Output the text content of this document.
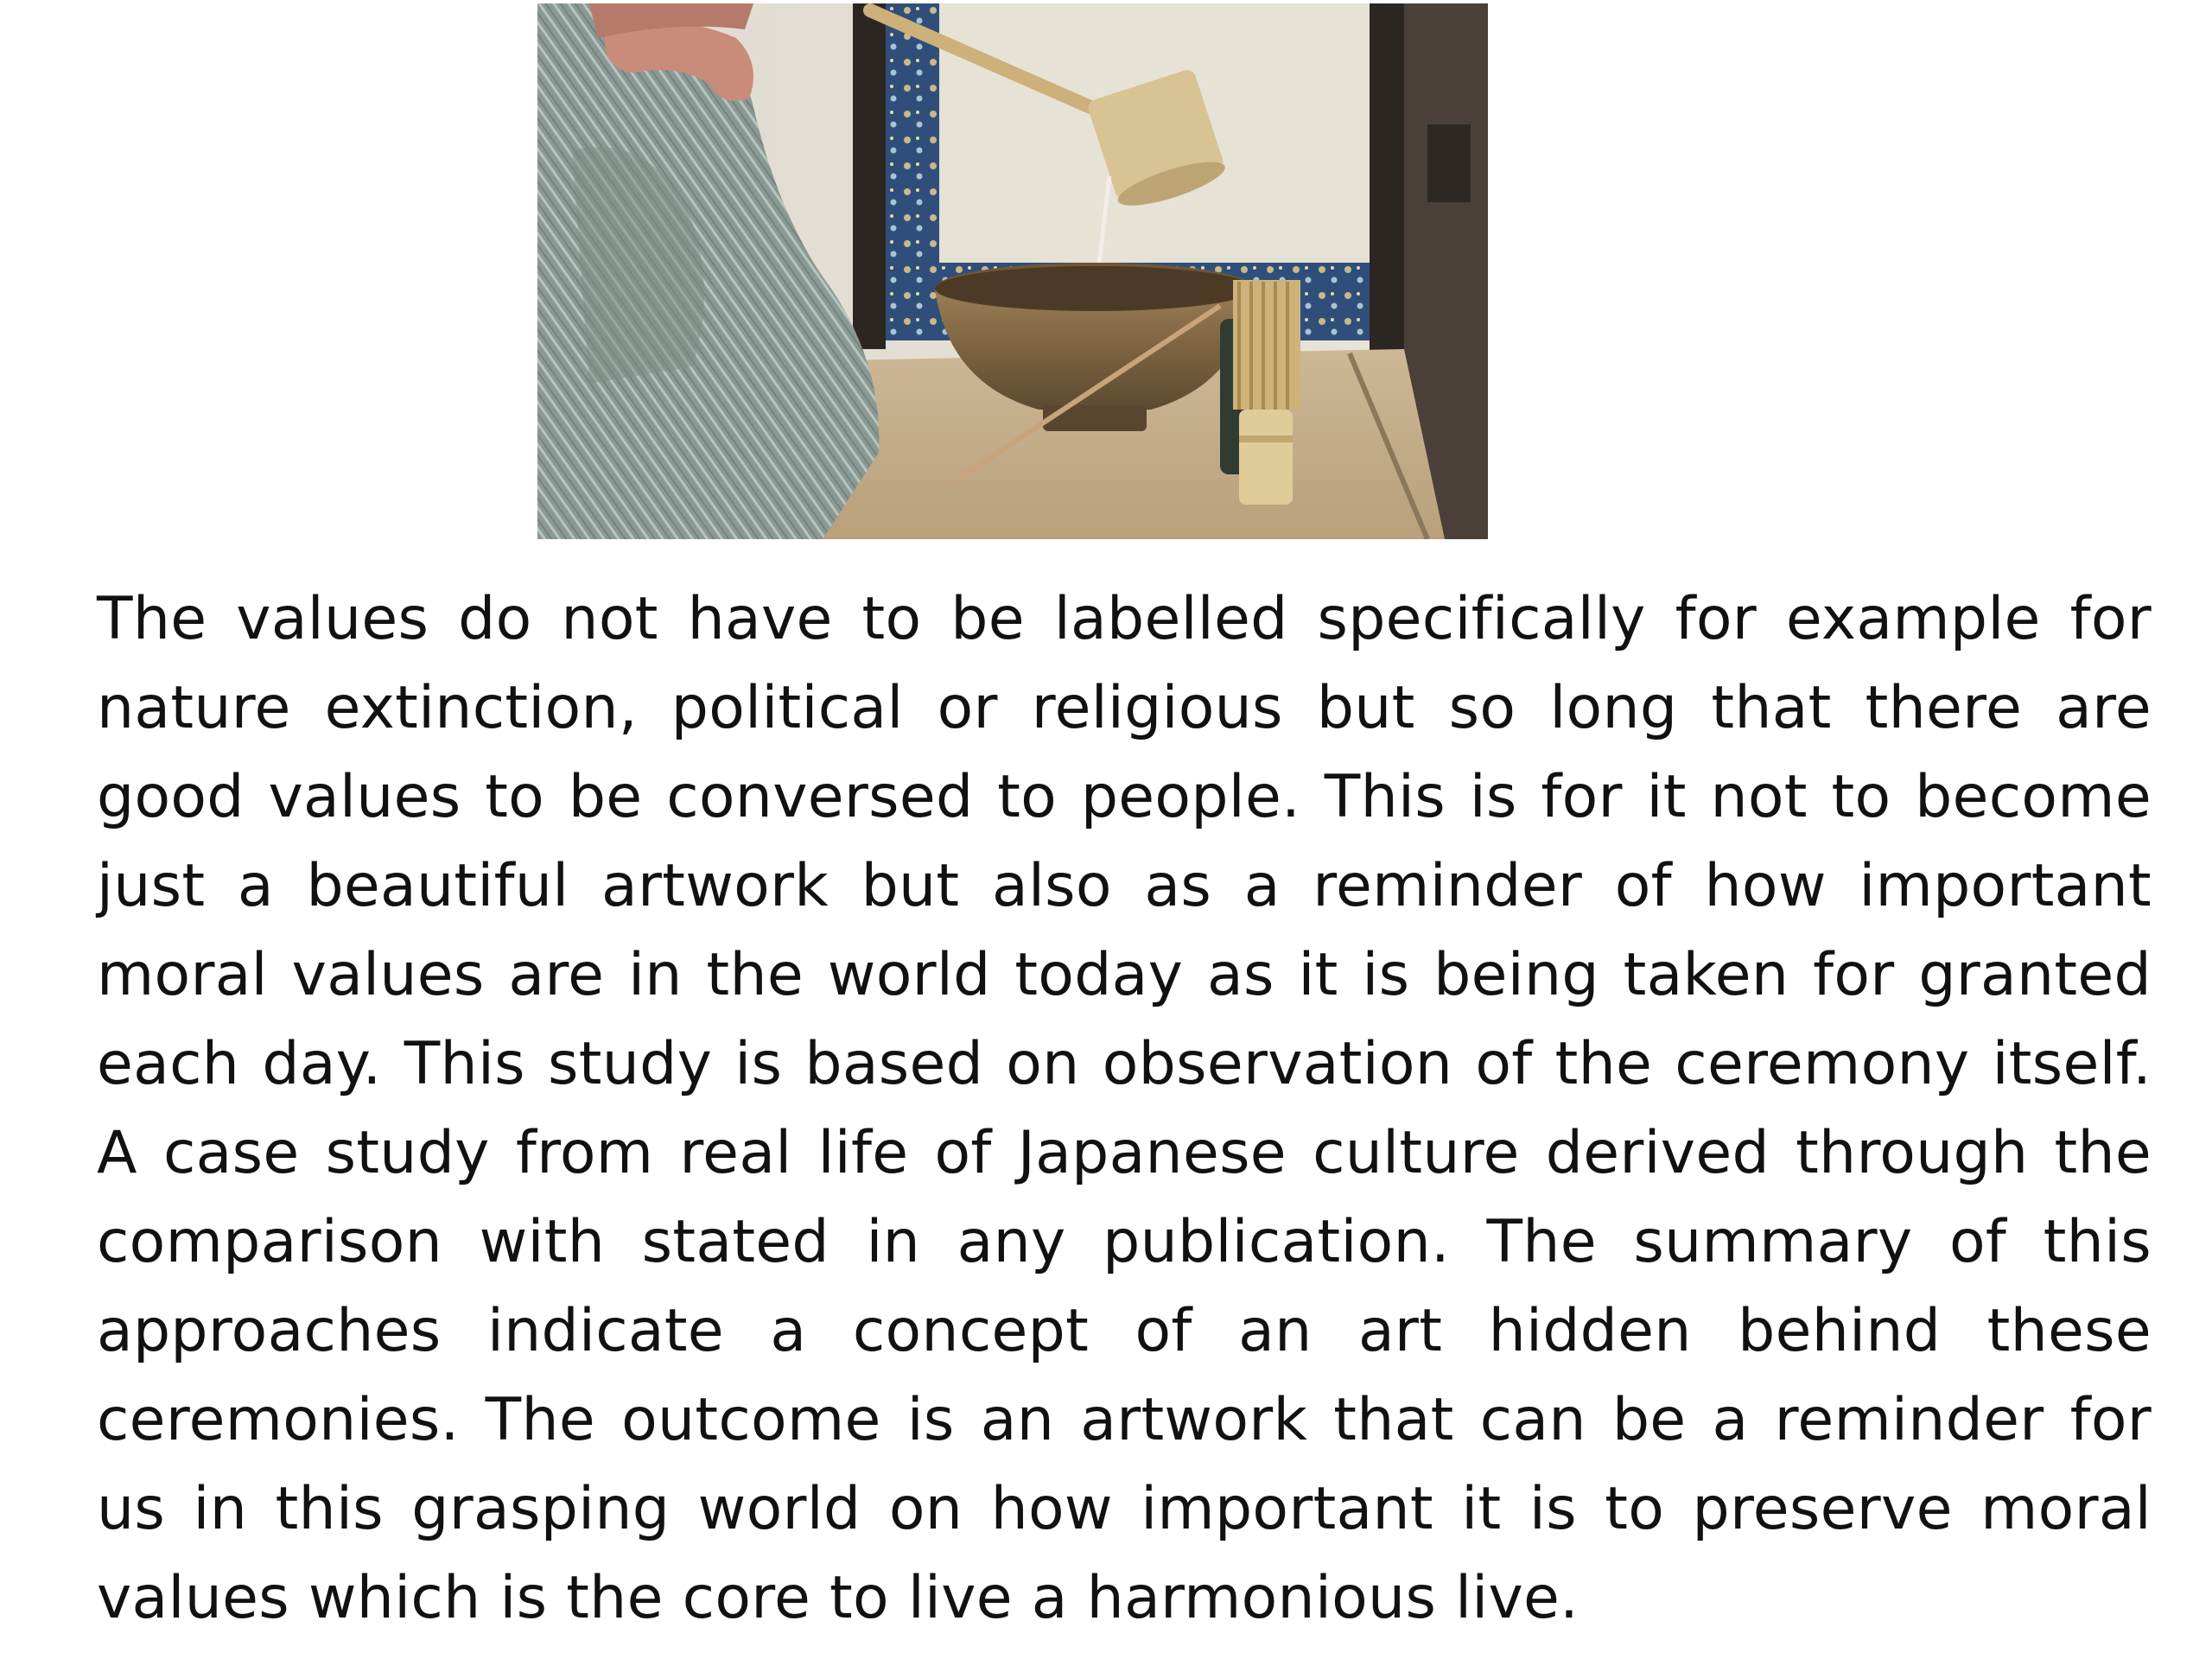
The values do not have to be labelled specifically for example for nature extinction, political or religious but so long that there are good values to be conversed to people. This is for it not to become just a beautiful artwork but also as a reminder of how important moral values are in the world today as it is being taken for granted each day. This study is based on observation of the ceremony itself. A case study from real life of Japanese culture derived through the comparison with stated in any publication. The summary of this approaches indicate a concept of an art hidden behind these ceremonies. The outcome is an artwork that can be a reminder for us in this grasping world on how important it is to preserve moral values which is the core to live a harmonious live.
